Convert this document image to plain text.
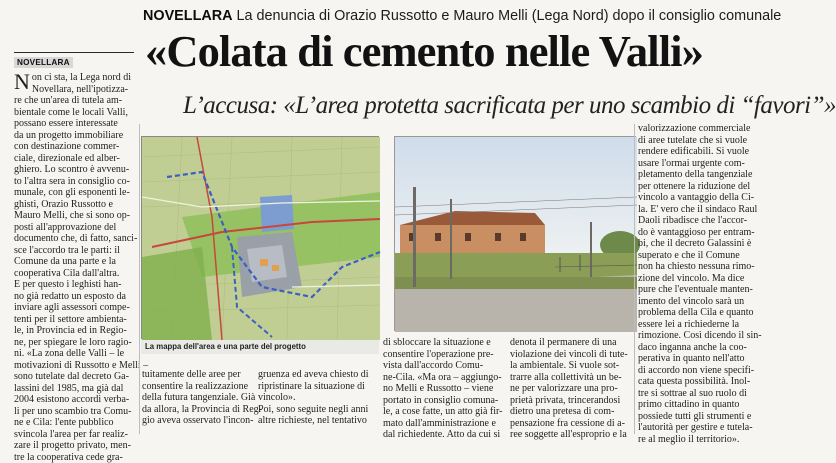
NOVELLARA La denuncia di Orazio Russotto e Mauro Melli (Lega Nord) dopo il consiglio comunale
«Colata di cemento nelle Valli»
L’accusa: «L’area protetta sacrificata per uno scambio di “favori”»
NOVELLARA
N on ci sta, la Lega nord di

Novellara, nell'ipotizza-

re che un'area di tutela am-

bientale come le locali Valli,

possano essere interessate

da un progetto immobiliare

con destinazione commer-

ciale, direzionale ed alber-

ghiero. Lo scontro è avvenu-

to l'altra sera in consiglio co-

munale, con gli esponenti le-

ghisti, Orazio Russotto e

Mauro Melli, che si sono op-

posti all'approvazione del

documento che, di fatto, sanci-

sce l'accordo tra le parti: il

Comune da una parte e la

cooperativa Cila dall'altra.

E per questo i leghisti han-

no già redatto un esposto da

inviare agli assessori compe-

tenti per il settore ambienta-

le, in Provincia ed in Regio-

ne, per spiegare le loro ragio-

ni. «La zona delle Valli – le

motivazioni di Russotto e Melli –

sono tutelate dal decreto Ga-

lassini del 1985, ma già dal

2004 esistono accordi verba-

li per uno scambio tra Comu-

ne e Cila: l'ente pubblico

svincola l'area per far realiz-

zare il progetto privato, men-

tre la cooperativa cede gra-

La mappa dell'area e una parte del progetto

tuitamente delle aree per

consentire la realizzazione

della futura tangenziale. Già

da allora, la Provincia di Reg-

gio aveva osservato l'incon-

gruenza ed aveva chiesto di

ripristinare la situazione di

vincolo».

Poi, sono seguite negli anni

altre richieste, nel tentativo

di sbloccare la situazione e

consentire l'operazione pre-

vista dall'accordo Comu-

ne-Cila. «Ma ora – aggiungo-

no Melli e Russotto – viene

portato in consiglio comuna-

le, a cose fatte, un atto già fir-

mato dall'amministrazione e

dal richiedente. Atto da cui si

denota il permanere di una

violazione dei vincoli di tute-

la ambientale. Si vuole sot-

trarre alla collettività un be-

ne per valorizzare una pro-

prietà privata, trincerandosi

dietro una pretesa di com-

pensazione fra cessione di a-

ree soggette all'esproprio e la

valorizzazione commerciale

di aree tutelate che si vuole

rendere edificabili. Si vuole

usare l'ormai urgente com-

pletamento della tangenziale

per ottenere la riduzione del

vincolo a vantaggio della Ci-

la. E' vero che il sindaco Raul

Daoli ribadisce che l'accor-

do è vantaggioso per entram-

bi, che il decreto Galassini è

superato e che il Comune

non ha chiesto nessuna rimo-

zione del vincolo. Ma dice

pure che l'eventuale manten-

imento del vincolo sarà un

problema della Cila e quanto

essere lei a richiederne la

rimozione. Così dicendo il sin-

daco inganna anche la coo-

perativa in quanto nell'atto

di accordo non viene specifi-

cata questa possibilità. Inol-

tre si sottrae al suo ruolo di

primo cittadino in quanto

possiede tutti gli strumenti e

l'autorità per gestire e tutela-

re al meglio il territorio».
